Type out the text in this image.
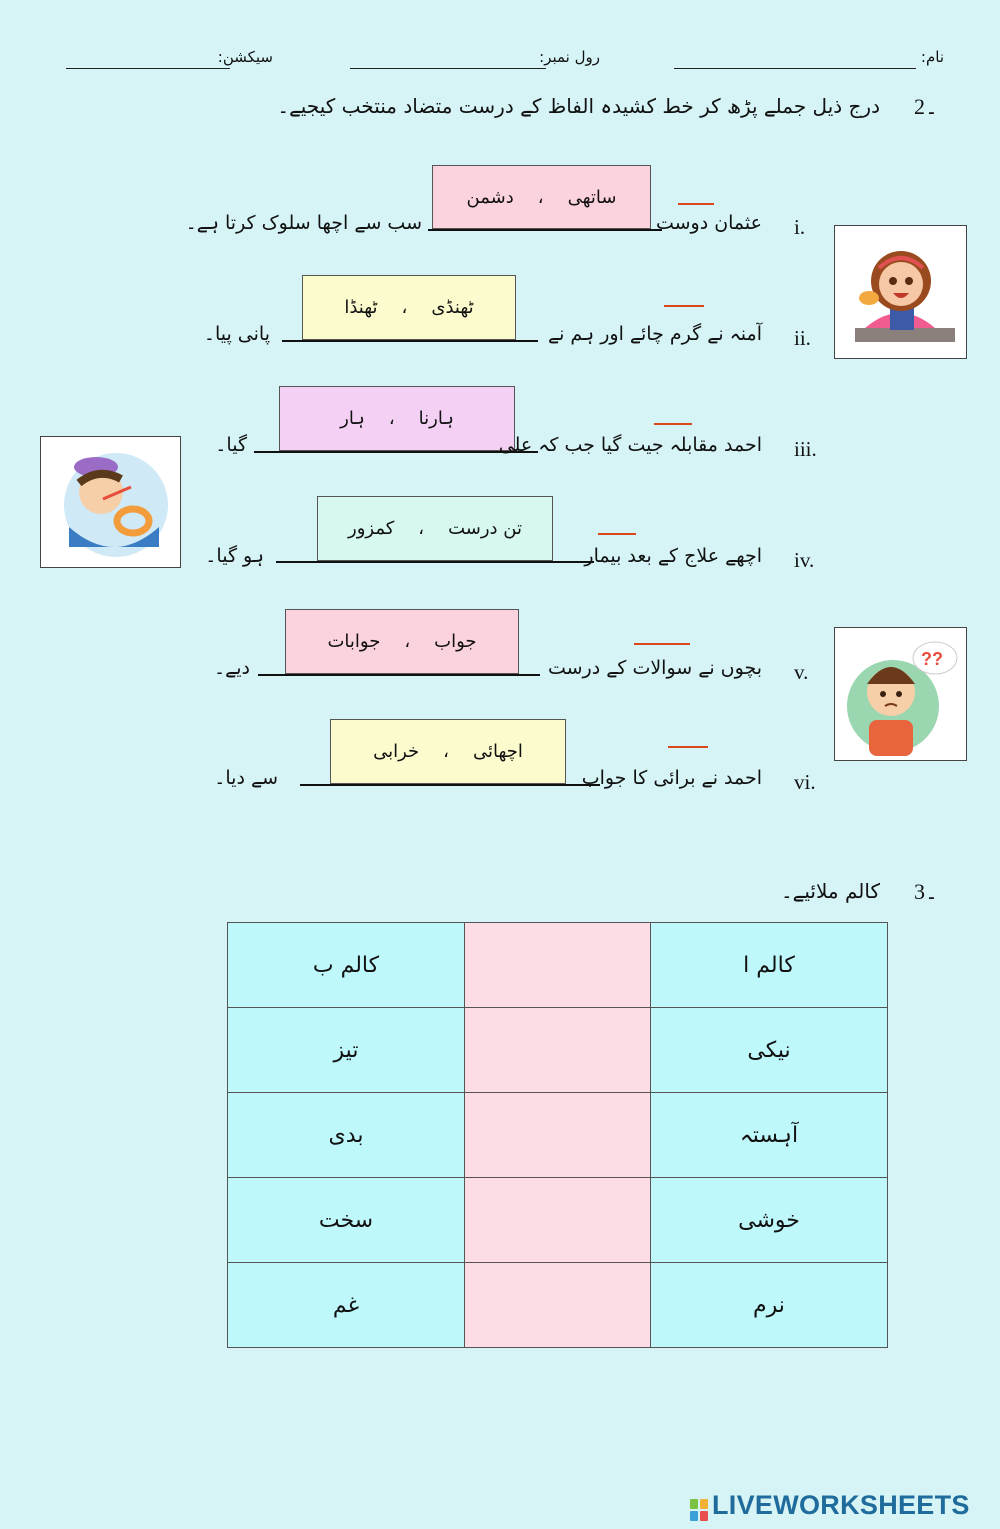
نام:
رول نمبر:
سیکشن:
2۔
درج ذیل جملے پڑھ کر خط کشیدہ الفاظ کے درست متضاد منتخب کیجیے۔
ساتھی
،
دشمن
i.
عثمان دوست
سب سے اچھا سلوک کرتا ہے۔
ٹھنڈی
،
ٹھنڈا
ii.
آمنہ نے گرم چائے اور ہم نے
پانی پیا۔
ہارنا
،
ہار
iii.
احمد مقابلہ جیت گیا جب کہ علی
گیا۔
تن درست
،
کمزور
iv.
اچھے علاج کے بعد بیمار
ہو گیا۔
جواب
،
جوابات
v.
بچوں نے سوالات کے درست
دیے۔
اچھائی
،
خرابی
vi.
احمد نے برائی کا جواب
سے دیا۔
??
3۔
کالم ملائیے۔
کالم ب		کالم ا
تیز		نیکی
بدی		آہستہ
سخت		خوشی
غم		نرم
LIVEWORKSHEETS
